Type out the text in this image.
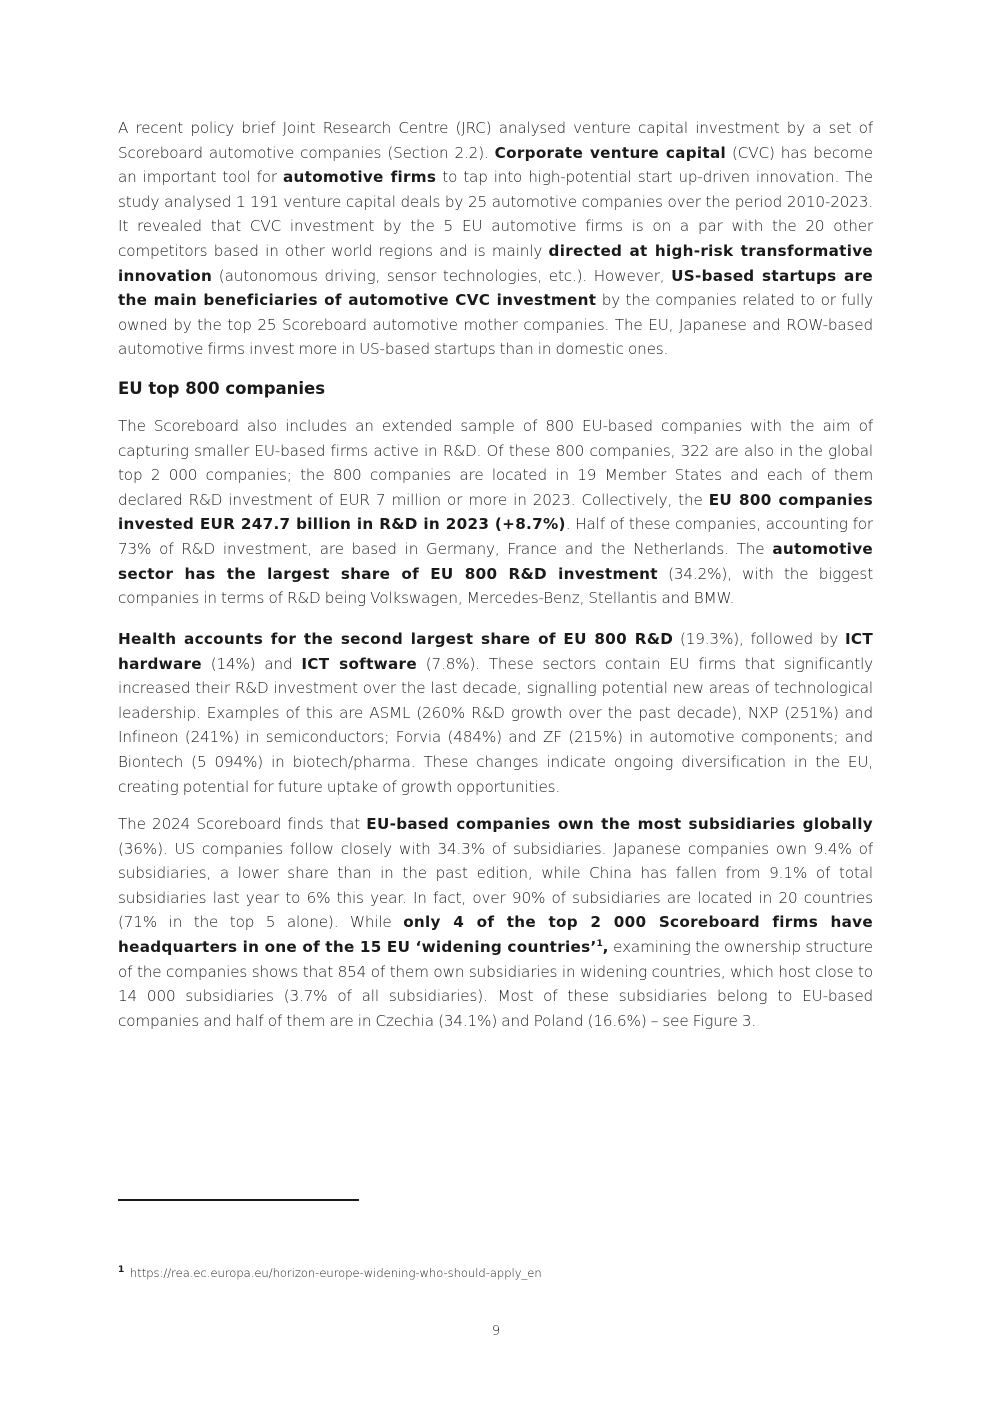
A recent policy brief Joint Research Centre (JRC) analysed venture capital investment by a set of Scoreboard automotive companies (Section 2.2). Corporate venture capital (CVC) has become an important tool for automotive firms to tap into high-potential start up-driven innovation. The study analysed 1 191 venture capital deals by 25 automotive companies over the period 2010-2023. It revealed that CVC investment by the 5 EU automotive firms is on a par with the 20 other competitors based in other world regions and is mainly directed at high-risk transformative innovation (autonomous driving, sensor technologies, etc.). However, US-based startups are the main beneficiaries of automotive CVC investment by the companies related to or fully owned by the top 25 Scoreboard automotive mother companies. The EU, Japanese and ROW-based automotive firms invest more in US-based startups than in domestic ones.

EU top 800 companies

The Scoreboard also includes an extended sample of 800 EU-based companies with the aim of capturing smaller EU-based firms active in R&D. Of these 800 companies, 322 are also in the global top 2 000 companies; the 800 companies are located in 19 Member States and each of them declared R&D investment of EUR 7 million or more in 2023. Collectively, the EU 800 companies invested EUR 247.7 billion in R&D in 2023 (+8.7%). Half of these companies, accounting for 73% of R&D investment, are based in Germany, France and the Netherlands. The automotive sector has the largest share of EU 800 R&D investment (34.2%), with the biggest companies in terms of R&D being Volkswagen, Mercedes-Benz, Stellantis and BMW.

Health accounts for the second largest share of EU 800 R&D (19.3%), followed by ICT hardware (14%) and ICT software (7.8%). These sectors contain EU firms that significantly increased their R&D investment over the last decade, signalling potential new areas of technological leadership. Examples of this are ASML (260% R&D growth over the past decade), NXP (251%) and Infineon (241%) in semiconductors; Forvia (484%) and ZF (215%) in automotive components; and Biontech (5 094%) in biotech/pharma. These changes indicate ongoing diversification in the EU, creating potential for future uptake of growth opportunities.

The 2024 Scoreboard finds that EU-based companies own the most subsidiaries globally (36%). US companies follow closely with 34.3% of subsidiaries. Japanese companies own 9.4% of subsidiaries, a lower share than in the past edition, while China has fallen from 9.1% of total subsidiaries last year to 6% this year. In fact, over 90% of subsidiaries are located in 20 countries (71% in the top 5 alone). While only 4 of the top 2 000 Scoreboard firms have headquarters in one of the 15 EU ‘widening countries’$^1$, examining the ownership structure of the companies shows that 854 of them own subsidiaries in widening countries, which host close to 14 000 subsidiaries (3.7% of all subsidiaries). Most of these subsidiaries belong to EU-based companies and half of them are in Czechia (34.1%) and Poland (16.6%) – see Figure 3.

$^1$ https://rea.ec.europa.eu/horizon-europe-widening-who-should-apply_en
9
